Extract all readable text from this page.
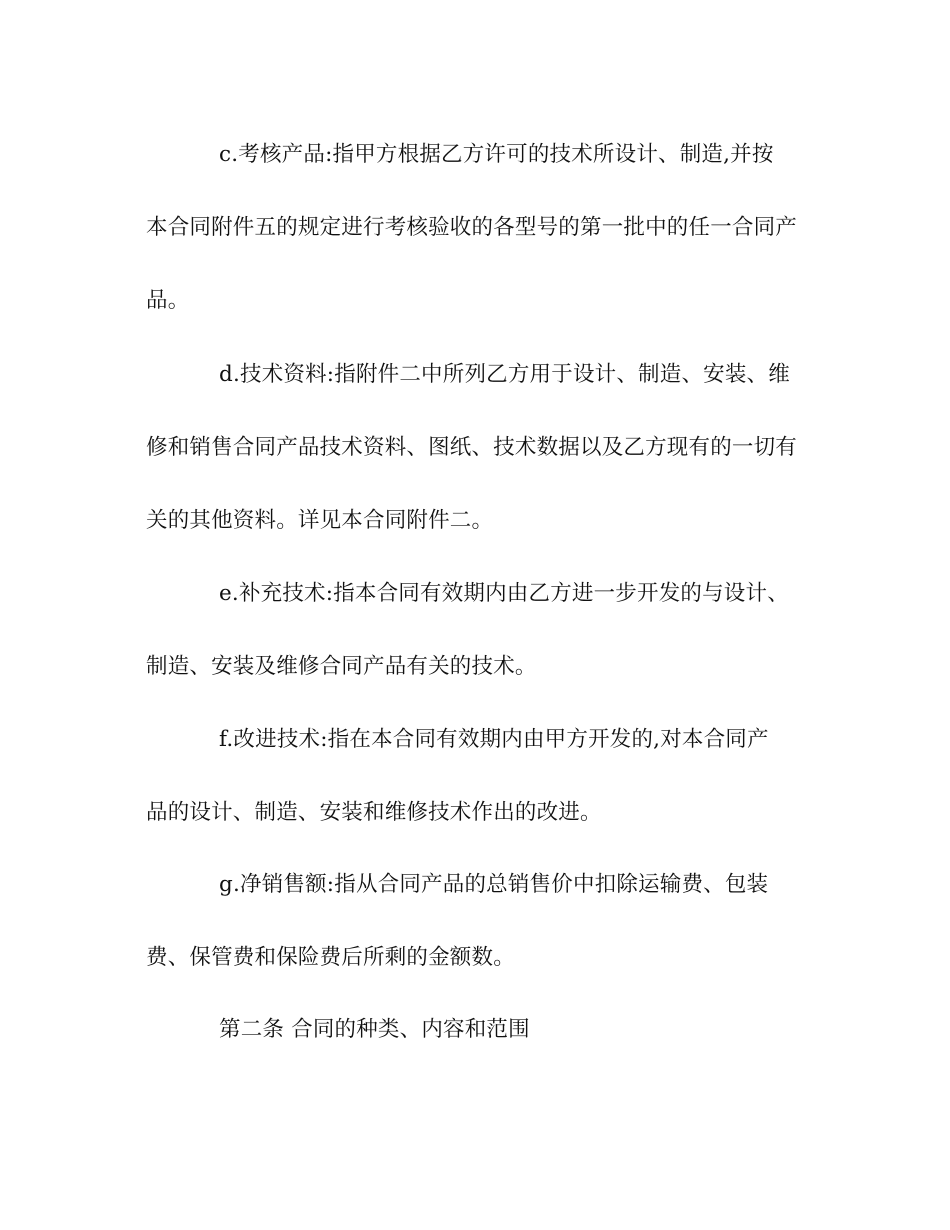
c.考核产品:指甲方根据乙方许可的技术所设计、制造,并按
本合同附件五的规定进行考核验收的各型号的第一批中的任一合同产
品。
d.技术资料:指附件二中所列乙方用于设计、制造、安装、维
修和销售合同产品技术资料、图纸、技术数据以及乙方现有的一切有
关的其他资料。详见本合同附件二。
e.补充技术:指本合同有效期内由乙方进一步开发的与设计、
制造、安装及维修合同产品有关的技术。
f.改进技术:指在本合同有效期内由甲方开发的,对本合同产
品的设计、制造、安装和维修技术作出的改进。
g.净销售额:指从合同产品的总销售价中扣除运输费、包装
费、保管费和保险费后所剩的金额数。
第二条 合同的种类、内容和范围
